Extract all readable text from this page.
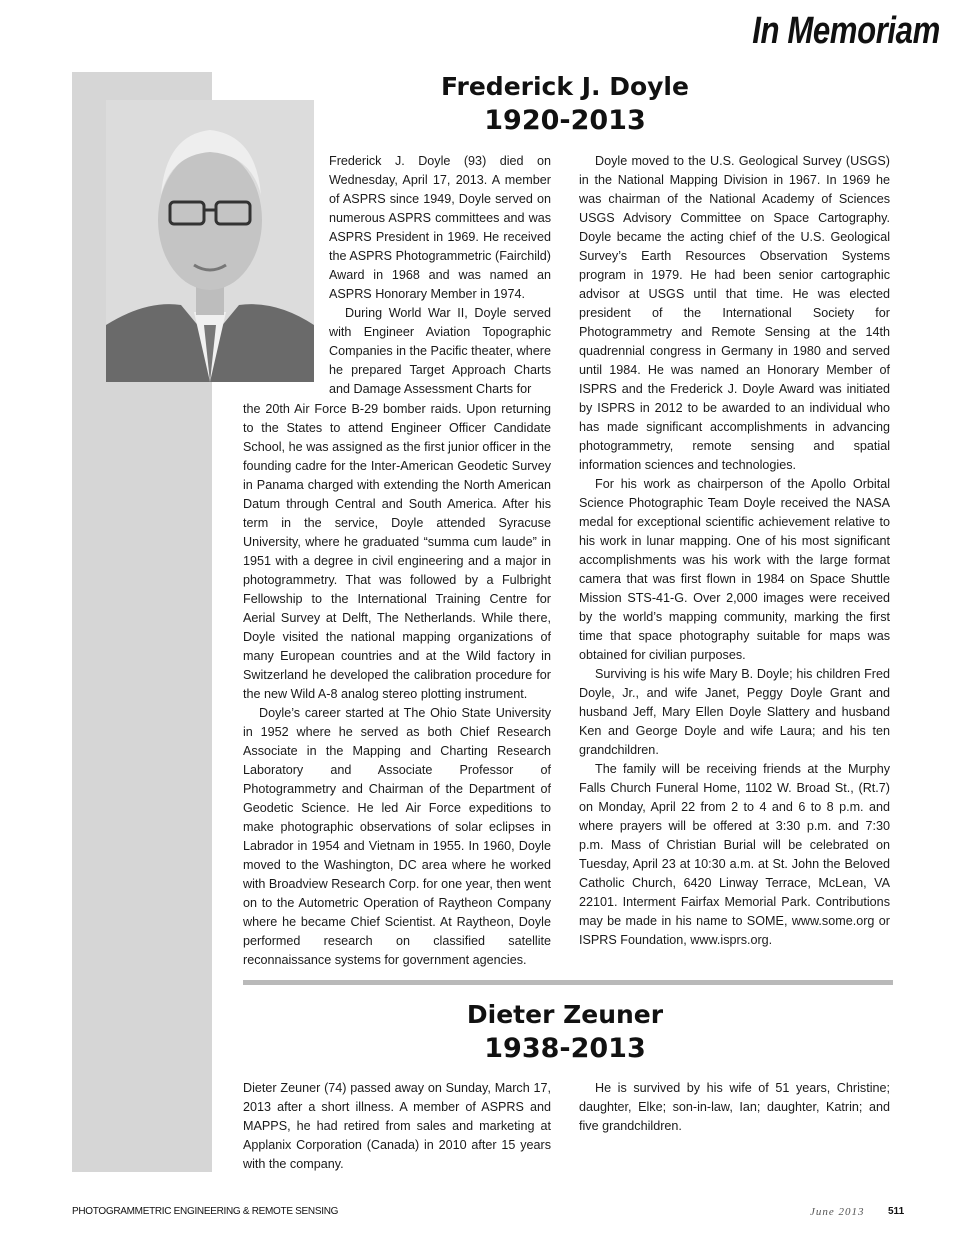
In Memoriam
Frederick J. Doyle
1920-2013

Frederick J. Doyle (93) died on Wednesday, April 17, 2013. A member of ASPRS since 1949, Doyle served on numerous ASPRS committees and was ASPRS President in 1969. He received the ASPRS Photogrammetric (Fairchild) Award in 1968 and was named an ASPRS Honorary Member in 1974.

During World War II, Doyle served with Engineer Aviation Topographic Companies in the Pacific theater, where he prepared Target Approach Charts and Damage Assessment Charts for

the 20th Air Force B-29 bomber raids. Upon returning to the States to attend Engineer Officer Candidate School, he was assigned as the first junior officer in the founding cadre for the Inter-American Geodetic Survey in Panama charged with extending the North American Datum through Central and South America. After his term in the service, Doyle attended Syracuse University, where he graduated “summa cum laude” in 1951 with a degree in civil engineering and a major in photogrammetry. That was followed by a Fulbright Fellowship to the International Training Centre for Aerial Survey at Delft, The Netherlands. While there, Doyle visited the national mapping organizations of many European countries and at the Wild factory in Switzerland he developed the calibration procedure for the new Wild A-8 analog stereo plotting instrument.

Doyle’s career started at The Ohio State University in 1952 where he served as both Chief Research Associate in the Mapping and Charting Research Laboratory and Associate Professor of Photogrammetry and Chairman of the Department of Geodetic Science. He led Air Force expeditions to make photographic observations of solar eclipses in Labrador in 1954 and Vietnam in 1955. In 1960, Doyle moved to the Washington, DC area where he worked with Broadview Research Corp. for one year, then went on to the Autometric Operation of Raytheon Company where he became Chief Scientist. At Raytheon, Doyle performed research on classified satellite reconnaissance systems for government agencies.

Doyle moved to the U.S. Geological Survey (USGS) in the National Mapping Division in 1967. In 1969 he was chairman of the National Academy of Sciences USGS Advisory Committee on Space Cartography. Doyle became the acting chief of the U.S. Geological Survey’s Earth Resources Observation Systems program in 1979. He had been senior cartographic advisor at USGS until that time. He was elected president of the International Society for Photogrammetry and Remote Sensing at the 14th quadrennial congress in Germany in 1980 and served until 1984. He was named an Honorary Member of ISPRS and the Frederick J. Doyle Award was initiated by ISPRS in 2012 to be awarded to an individual who has made significant accomplishments in advancing photogrammetry, remote sensing and spatial information sciences and technologies.

For his work as chairperson of the Apollo Orbital Science Photographic Team Doyle received the NASA medal for exceptional scientific achievement relative to his work in lunar mapping. One of his most significant accomplishments was his work with the large format camera that was first flown in 1984 on Space Shuttle Mission STS-41-G. Over 2,000 images were received by the world’s mapping community, marking the first time that space photography suitable for maps was obtained for civilian purposes.

Surviving is his wife Mary B. Doyle; his children Fred Doyle, Jr., and wife Janet, Peggy Doyle Grant and husband Jeff, Mary Ellen Doyle Slattery and husband Ken and George Doyle and wife Laura; and his ten grandchildren.

The family will be receiving friends at the Murphy Falls Church Funeral Home, 1102 W. Broad St., (Rt.7) on Monday, April 22 from 2 to 4 and 6 to 8 p.m. and where prayers will be offered at 3:30 p.m. and 7:30 p.m. Mass of Christian Burial will be celebrated on Tuesday, April 23 at 10:30 a.m. at St. John the Beloved Catholic Church, 6420 Linway Terrace, McLean, VA 22101. Interment Fairfax Memorial Park. Contributions may be made in his name to SOME, www.some.org or ISPRS Foundation, www.isprs.org.

Dieter Zeuner
1938-2013

Dieter Zeuner (74) passed away on Sunday, March 17, 2013 after a short illness. A member of ASPRS and MAPPS, he had retired from sales and marketing at Applanix Corporation (Canada) in 2010 after 15 years with the company.

He is survived by his wife of 51 years, Christine; daughter, Elke; son-in-law, Ian; daughter, Katrin; and five grandchildren.

PHOTOGRAMMETRIC ENGINEERING & REMOTE SENSING	June 2013 511
